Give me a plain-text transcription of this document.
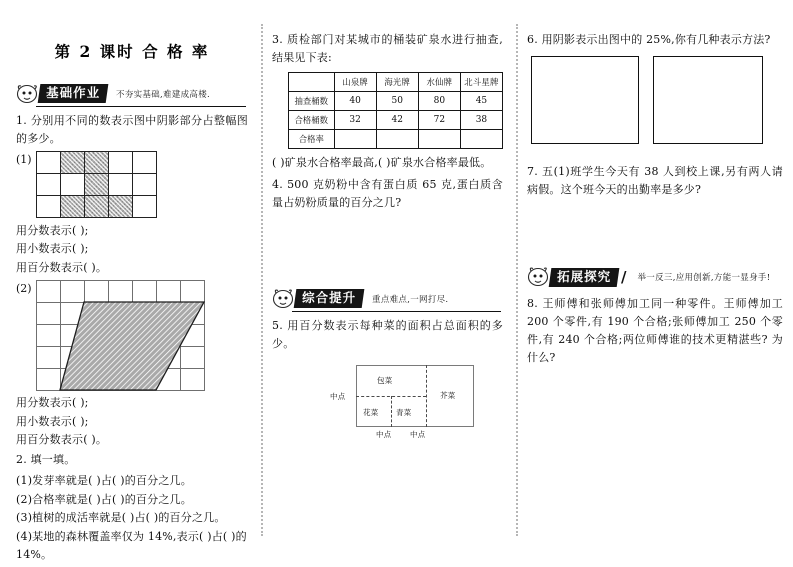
第 2 课时 合 格 率
基础作业	不夯实基础,难建成高楼.
1. 分别用不同的数表示图中阴影部分占整幅图的多少。
(1)
用分数表示( );
用小数表示( );
用百分数表示( )。
(2)
用分数表示( );
用小数表示( );
用百分数表示( )。
2. 填一填。
(1)发芽率就是( )占( )的百分之几。
(2)合格率就是( )占( )的百分之几。
(3)植树的成活率就是( )占( )的百分之几。
(4)某地的森林覆盖率仅为 14%,表示( )占( )的 14%。
3. 质检部门对某城市的桶装矿泉水进行抽查,结果见下表:
	山泉牌	海光牌	水仙牌	北斗星牌
抽查桶数	40	50	80	45
合格桶数	32	42	72	38
合格率				
( )矿泉水合格率最高,( )矿泉水合格率最低。
4. 500 克奶粉中含有蛋白质 65 克,蛋白质含量占奶粉质量的百分之几?
综合提升	重点难点,一网打尽.
5. 用百分数表示每种菜的面积占总面积的多少。
包菜
花菜 青菜
芥菜
中点
中点 中点
6. 用阴影表示出图中的 25%,你有几种表示方法?
7. 五(1)班学生今天有 38 人到校上课,另有两人请病假。这个班今天的出勤率是多少?
拓展探究 / 举一反三,应用创新,方能一显身手!
8. 王师傅和张师傅加工同一种零件。王师傅加工 200 个零件,有 190 个合格;张师傅加工 250 个零件,有 240 个合格;两位师傅谁的技术更精湛些? 为什么?
